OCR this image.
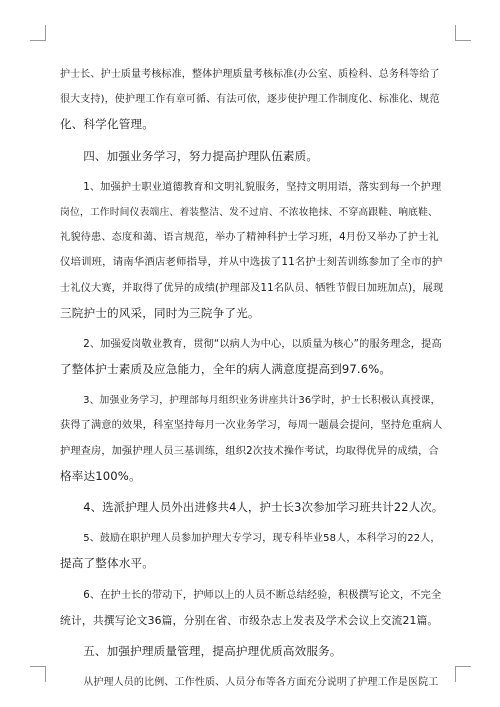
护士长、护士质量考核标准，整体护理质量考核标准(办公室、质检科、总务科等给了
很大支持)，使护理工作有章可循、有法可依，逐步使护理工作制度化、标准化、规范
化、科学化管理。

四、加强业务学习，努力提高护理队伍素质。

1、加强护士职业道德教育和文明礼貌服务，坚持文明用语，落实到每一个护理
岗位，工作时间仪表端庄、着装整洁、发不过肩、不浓妆艳抹、不穿高跟鞋、响底鞋、
礼貌待患、态度和蔼、语言规范，举办了精神科护士学习班，4月份又举办了护士礼
仪培训班，请南华酒店老师指导，并从中选拔了11名护士刻苦训练参加了全市的护
士礼仪大赛，并取得了优异的成绩(护理部及11名队员、牺牲节假日加班加点)，展现
三院护士的风采，同时为三院争了光。

2、加强爱岗敬业教育，贯彻“以病人为中心，以质量为核心”的服务理念，提高
了整体护士素质及应急能力，全年的病人满意度提高到97.6%。

3、加强业务学习，护理部每月组织业务讲座共计36学时，护士长积极认真授课，
获得了满意的效果，科室坚持每月一次业务学习，每周一题晨会提问，坚持危重病人
护理查房，加强护理人员三基训练，组织2次技术操作考试，均取得优异的成绩，合
格率达100%。

4、选派护理人员外出进修共4人，护士长3次参加学习班共计22人次。

5、鼓励在职护理人员参加护理大专学习，现专科毕业58人，本科学习的22人，
提高了整体水平。

6、在护士长的带动下，护师以上的人员不断总结经验，积极撰写论文，不完全
统计，共撰写论文36篇，分别在省、市级杂志上发表及学术会议上交流21篇。

五、加强护理质量管理，提高护理优质高效服务。

从护理人员的比例、工作性质、人员分布等各方面充分说明了护理工作是医院工
